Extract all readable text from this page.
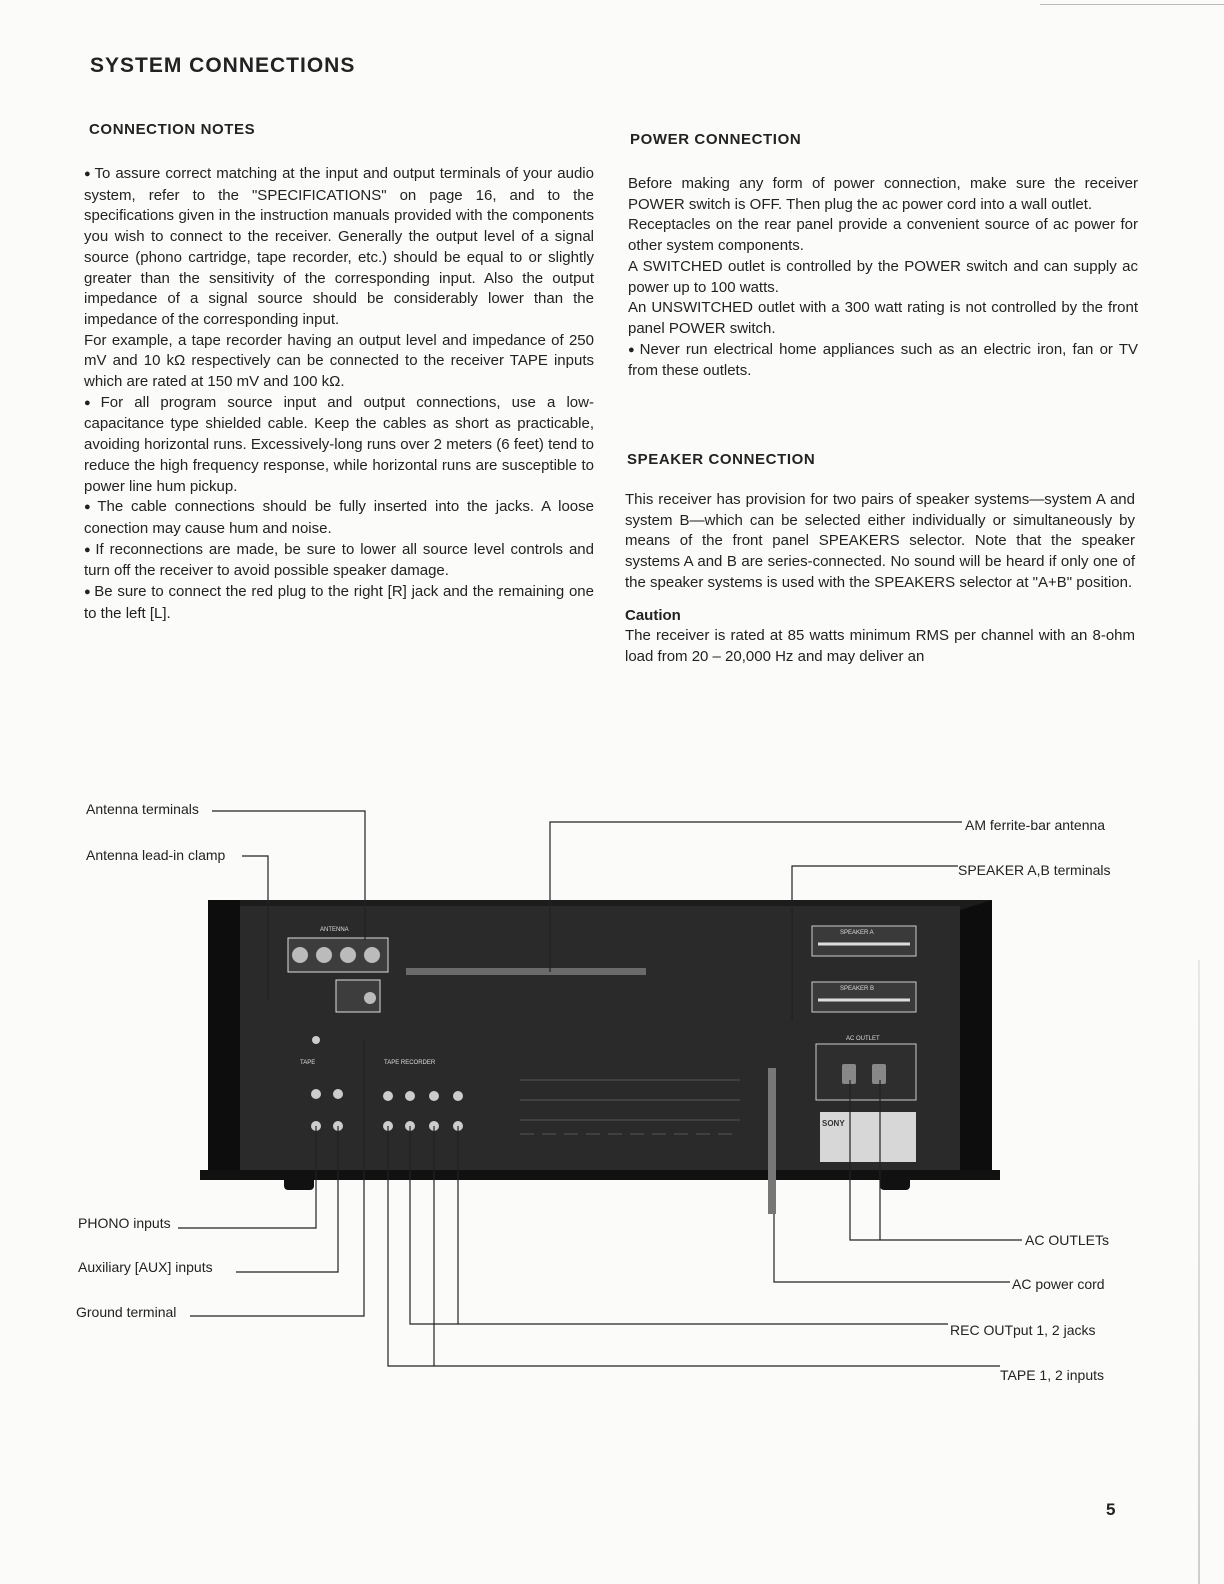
SYSTEM CONNECTIONS
CONNECTION NOTES

● To assure correct matching at the input and output terminals of your audio system, refer to the "SPECIFICATIONS" on page 16, and to the specifications given in the instruction manuals provided with the components you wish to connect to the receiver. Generally the output level of a signal source (phono cartridge, tape recorder, etc.) should be equal to or slightly greater than the sensitivity of the corresponding input. Also the output impedance of a signal source should be considerably lower than the impedance of the corresponding input.

For example, a tape recorder having an output level and impedance of 250 mV and 10 kΩ respectively can be connected to the receiver TAPE inputs which are rated at 150 mV and 100 kΩ.

● For all program source input and output connections, use a low-capacitance type shielded cable. Keep the cables as short as practicable, avoiding horizontal runs. Excessively-long runs over 2 meters (6 feet) tend to reduce the high frequency response, while horizontal runs are susceptible to power line hum pickup.

● The cable connections should be fully inserted into the jacks. A loose conection may cause hum and noise.

● If reconnections are made, be sure to lower all source level controls and turn off the receiver to avoid possible speaker damage.

● Be sure to connect the red plug to the right [R] jack and the remaining one to the left [L].

POWER CONNECTION

Before making any form of power connection, make sure the receiver POWER switch is OFF. Then plug the ac power cord into a wall outlet.

Receptacles on the rear panel provide a convenient source of ac power for other system components.

A SWITCHED outlet is controlled by the POWER switch and can supply ac power up to 100 watts.

An UNSWITCHED outlet with a 300 watt rating is not controlled by the front panel POWER switch.

● Never run electrical home appliances such as an electric iron, fan or TV from these outlets.

SPEAKER CONNECTION

This receiver has provision for two pairs of speaker systems—system A and system B—which can be selected either individually or simultaneously by means of the front panel SPEAKERS selector. Note that the speaker systems A and B are series-connected. No sound will be heard if only one of the speaker systems is used with the SPEAKERS selector at "A+B" position.

Caution

The receiver is rated at 85 watts minimum RMS per channel with an 8-ohm load from 20 – 20,000 Hz and may deliver an

ANTENNA
TAPE	TAPE RECORDER
SPEAKER A
SPEAKER B
AC OUTLET
SONY
Antenna terminals
Antenna lead-in clamp
PHONO inputs
Auxiliary [AUX] inputs
Ground terminal
AM ferrite-bar antenna
SPEAKER A,B terminals
AC OUTLETs
AC power cord
REC OUTput 1, 2 jacks
TAPE 1, 2 inputs
5
